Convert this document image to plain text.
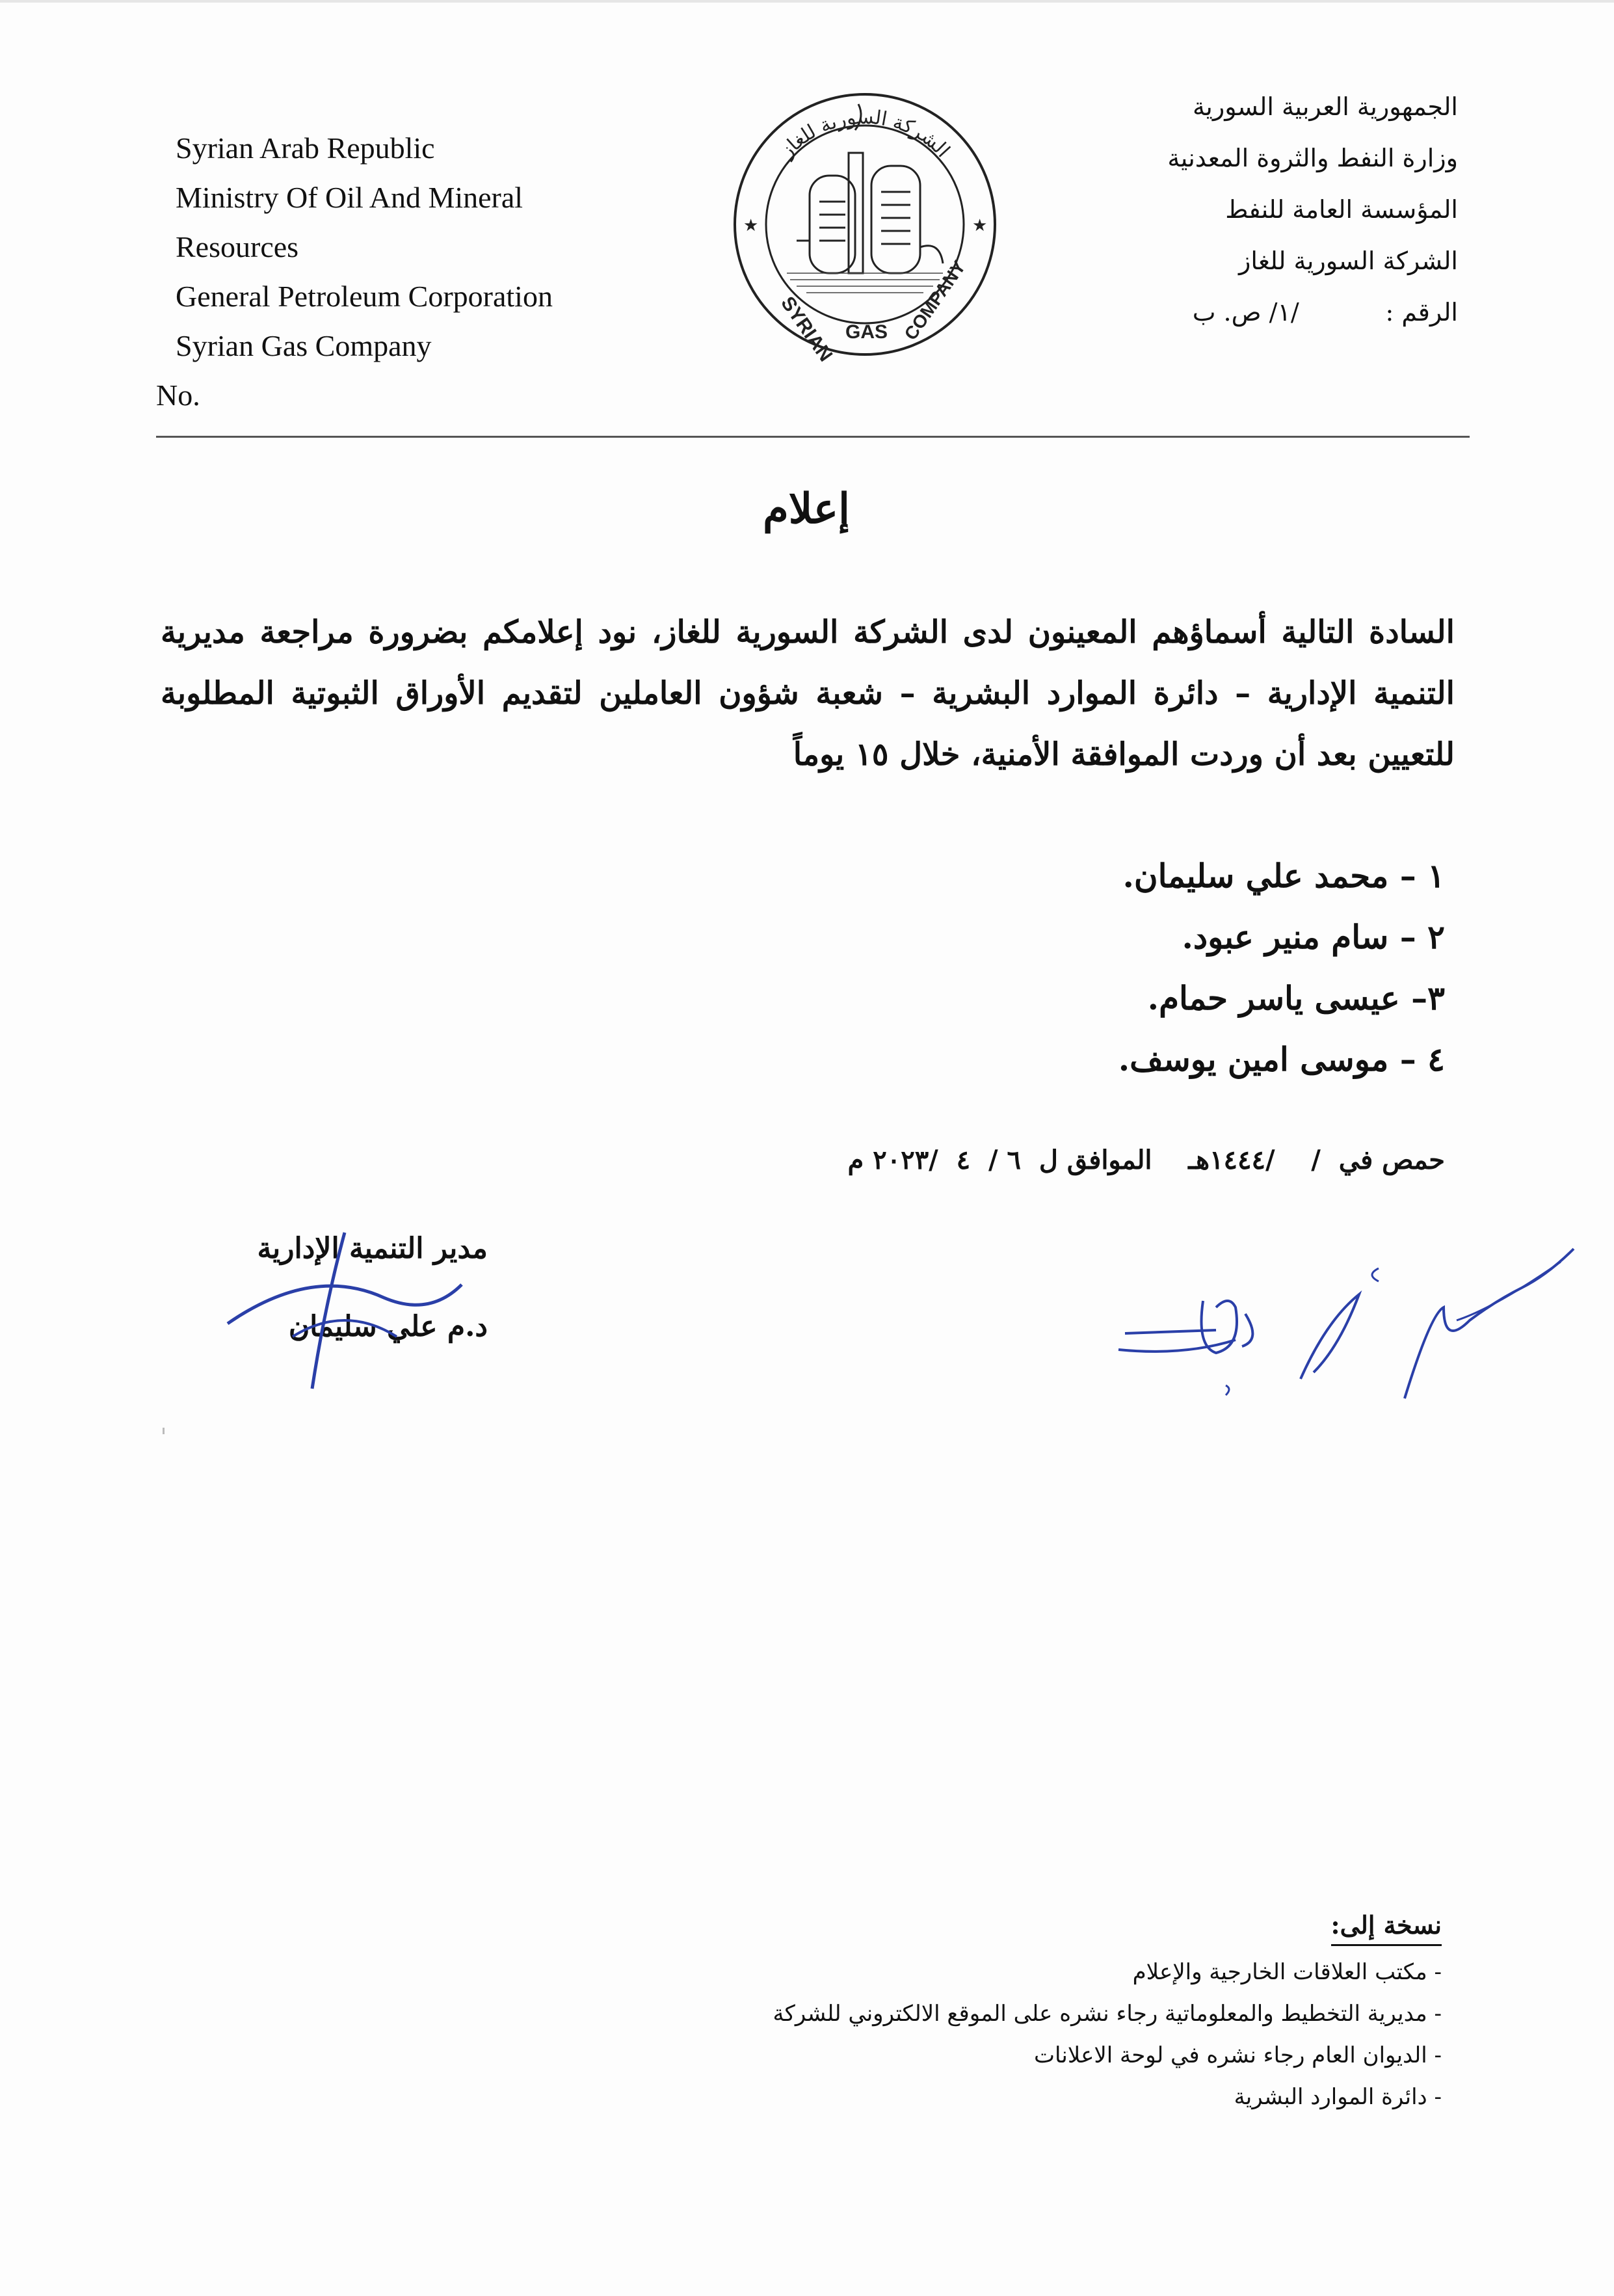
Syrian Arab Republic
Ministry Of Oil And Mineral
Resources
General Petroleum Corporation
Syrian Gas Company
No.
الشركة السورية للغاز
SYRIAN GAS COMPANY
★	★
الجمهورية العربية السورية
وزارة النفط والثروة المعدنية
المؤسسة العامة للنفط
الشركة السورية للغاز
الرقم :           /١/ ص. ب
إعلام
السادة التالية أسماؤهم المعينون لدى الشركة السورية للغاز، نود إعلامكم بضرورة مراجعة مديرية التنمية الإدارية – دائرة الموارد البشرية – شعبة شؤون العاملين لتقديم الأوراق الثبوتية المطلوبة للتعيين بعد أن وردت الموافقة الأمنية، خلال ١٥ يوماً
١ – محمد علي سليمان.
٢ – سام منير عبود.
٣– عيسى ياسر حمام.
٤ – موسى امين يوسف.
حمص في  /    /١٤٤٤هـ    الموافق ل  ٦ /  ٤  /٢٠٢٣ م
مدير التنمية الإدارية
د.م علي سليمان
نسخة إلى:
- مكتب العلاقات الخارجية والإعلام
- مديرية التخطيط والمعلوماتية رجاء نشره على الموقع الالكتروني للشركة
- الديوان العام رجاء نشره في لوحة الاعلانات
- دائرة الموارد البشرية
